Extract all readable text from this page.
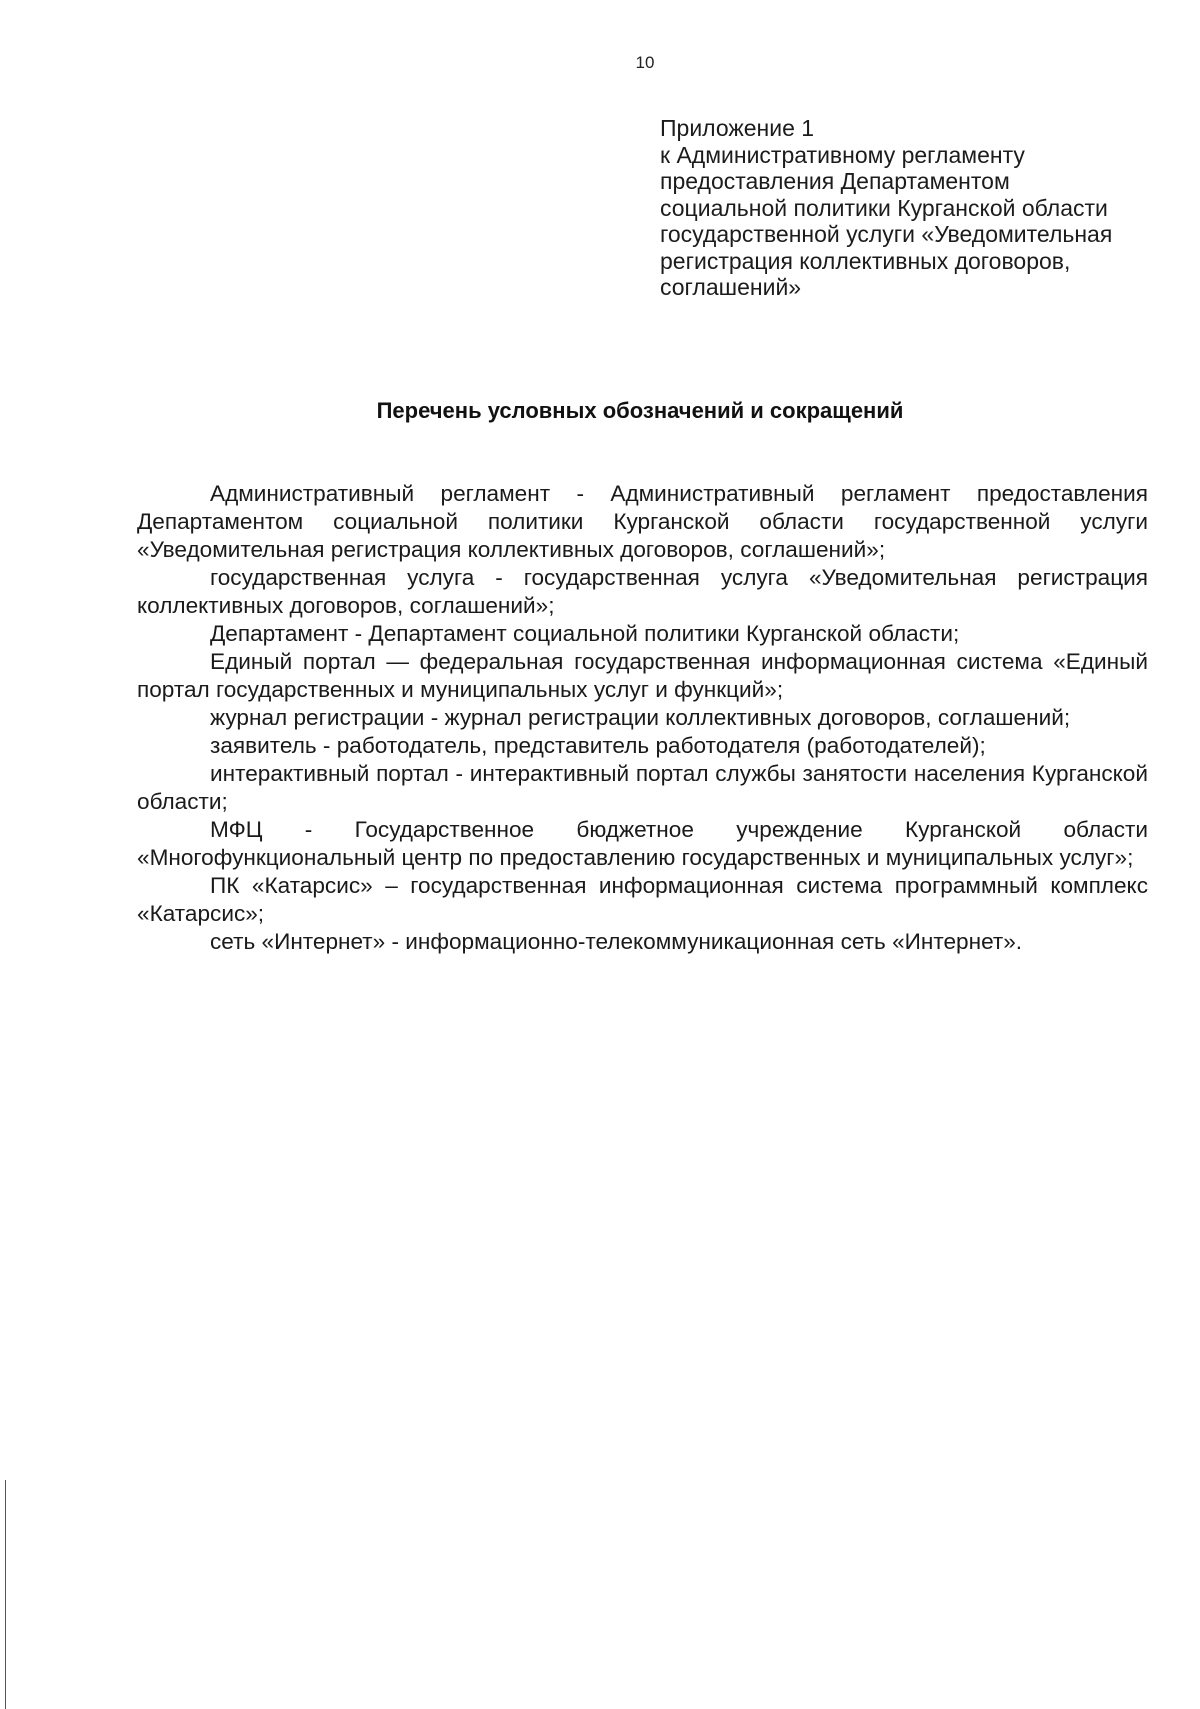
10
Приложение 1
к Административному регламенту
предоставления Департаментом
социальной политики Курганской области
государственной услуги «Уведомительная
регистрация коллективных договоров,
соглашений»
Перечень условных обозначений и сокращений

Административный регламент - Административный регламент предоставления Департаментом социальной политики Курганской области государственной услуги «Уведомительная регистрация коллективных договоров, соглашений»;

государственная услуга - государственная услуга «Уведомительная регистрация коллективных договоров, соглашений»;

Департамент - Департамент социальной политики Курганской области;

Единый портал — федеральная государственная информационная система «Единый портал государственных и муниципальных услуг и функций»;

журнал регистрации - журнал регистрации коллективных договоров, соглашений;

заявитель - работодатель, представитель работодателя (работодателей);

интерактивный портал - интерактивный портал службы занятости населения Курганской области;

МФЦ - Государственное бюджетное учреждение Курганской области «Многофункциональный центр по предоставлению государственных и муниципальных услуг»;

ПК «Катарсис» – государственная информационная система программный комплекс «Катарсис»;

сеть «Интернет» - информационно-телекоммуникационная сеть «Интернет».
